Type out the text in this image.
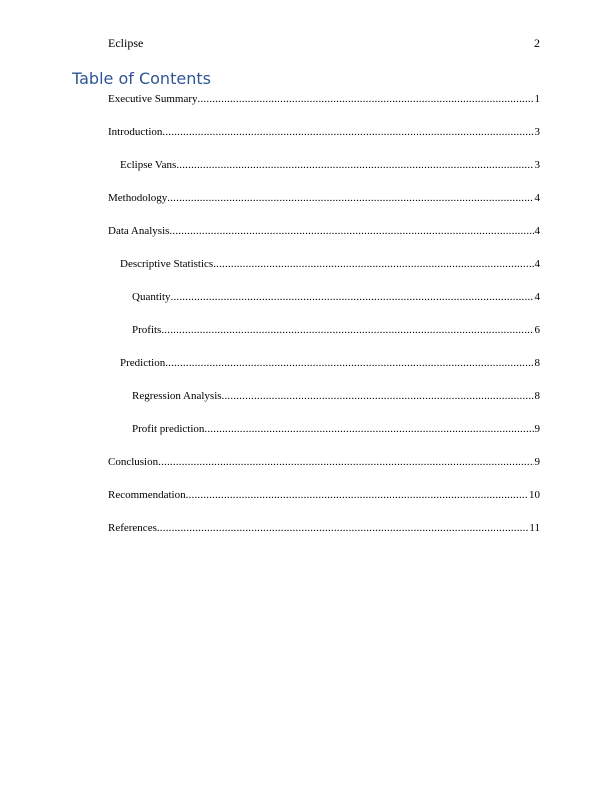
Eclipse	2
Table of Contents
Executive Summary .....	1
Introduction .....	3
Eclipse Vans .....	3
Methodology .....	4
Data Analysis .....	4
Descriptive Statistics .....	4
Quantity .....	4
Profits .....	6
Prediction .....	8
Regression Analysis .....	8
Profit prediction .....	9
Conclusion .....	9
Recommendation .....	10
References .....	11
